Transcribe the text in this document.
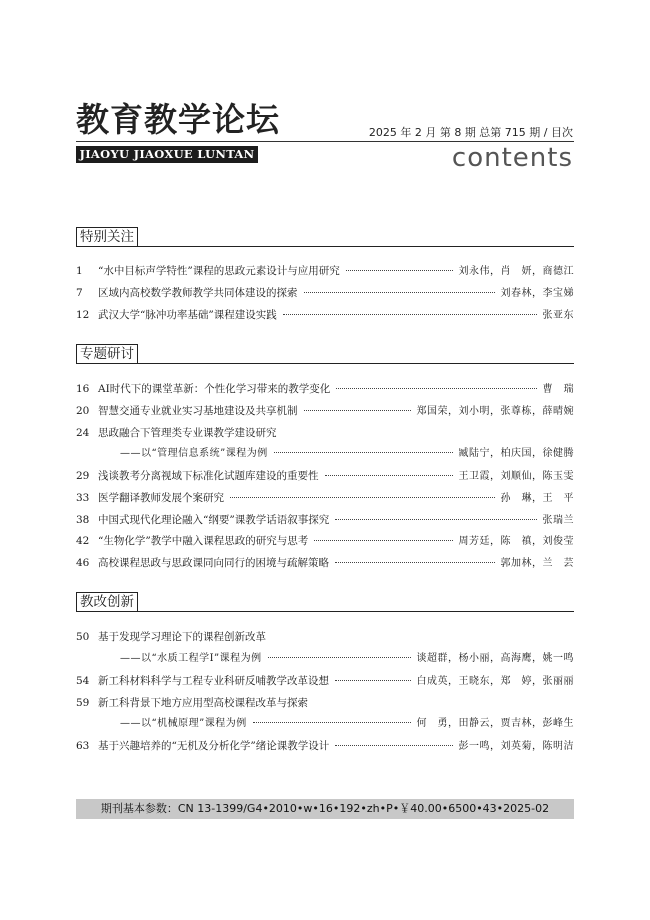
教育教学论坛
JIAOYU JIAOXUE LUNTAN
2025 年 2 月 第 8 期 总第 715 期 / 目次
contents
特别关注
1	“水中目标声学特性”课程的思政元素设计与应用研究	刘永伟，肖　妍，商德江
7	区域内高校数学教师教学共同体建设的探索	刘春林，李宝娣
12 武汉大学“脉冲功率基础”课程建设实践	张亚东
专题研讨
16 AI时代下的课堂革新：个性化学习带来的教学变化	曹　瑞
20 智慧交通专业就业实习基地建设及共享机制	郑国荣，刘小明，张尊栋，薛晴婉
24 思政融合下管理类专业课教学建设研究
——以“管理信息系统”课程为例	臧陆宁，柏庆国，徐健腾
29 浅谈教考分离视域下标准化试题库建设的重要性	王卫霞，刘顺仙，陈玉雯
33 医学翻译教师发展个案研究	孙　琳，王　平
38 中国式现代化理论融入“纲要”课教学话语叙事探究	张瑞兰
42 “生物化学”教学中融入课程思政的研究与思考	周芳廷，陈　禛，刘俊莹
46 高校课程思政与思政课同向同行的困境与疏解策略	郭加林，兰　芸
教改创新
50 基于发现学习理论下的课程创新改革
——以“水质工程学Ⅰ”课程为例	谈超群，杨小丽，高海鹰，姚一鸣
54 新工科材料科学与工程专业科研反哺教学改革设想	白成英，王晓东，郑　婷，张丽丽
59 新工科背景下地方应用型高校课程改革与探索
——以“机械原理”课程为例	何　勇，田静云，贾吉林，彭峰生
63 基于兴趣培养的“无机及分析化学”绪论课教学设计	彭一鸣，刘英菊，陈明洁
期刊基本参数：CN 13-1399/G4•2010•w•16•192•zh•P•￥40.00•6500•43•2025-02
